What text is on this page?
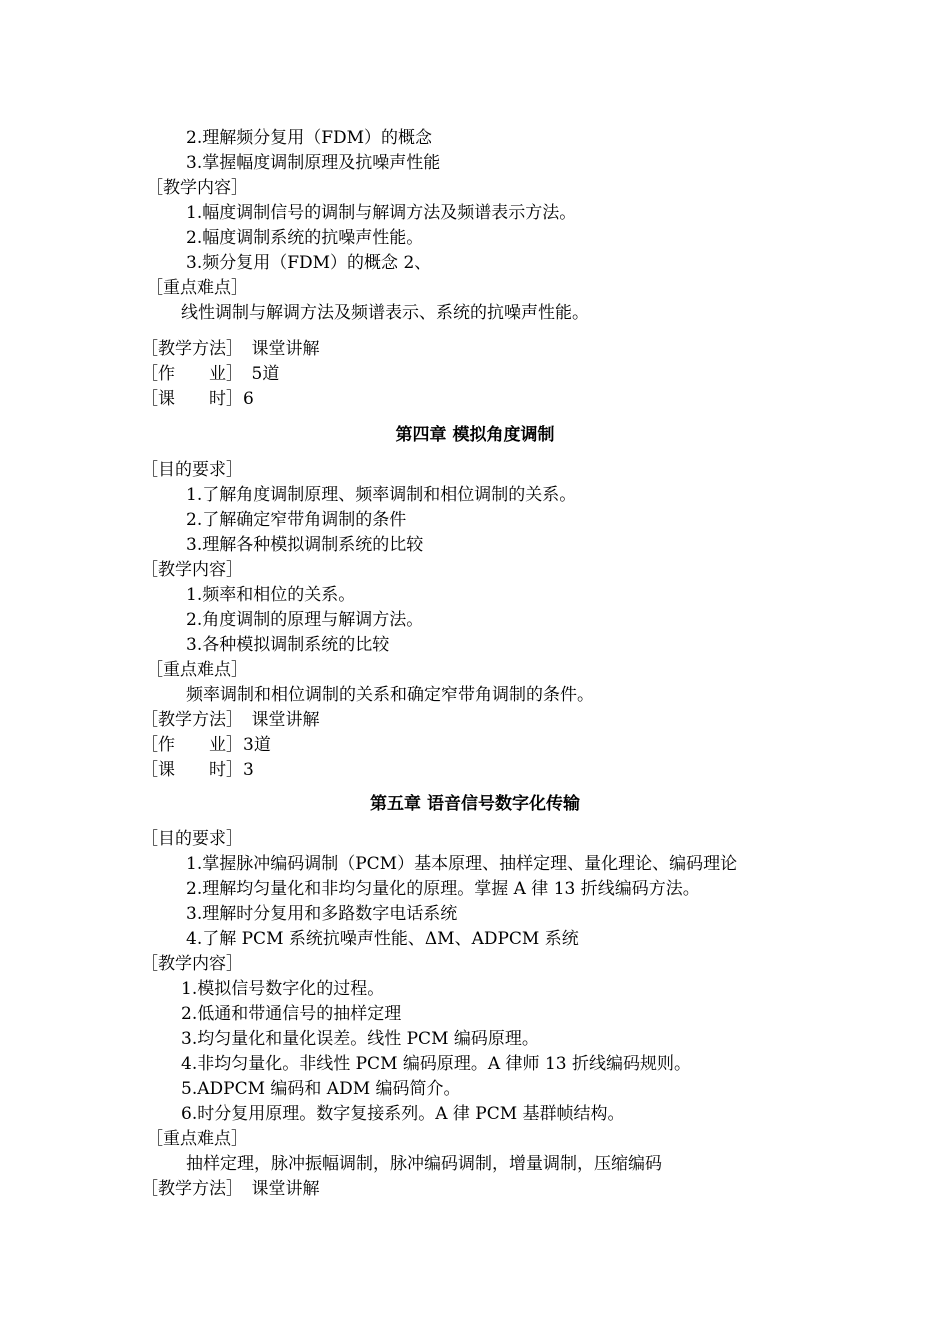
2.理解频分复用（FDM）的概念
3.掌握幅度调制原理及抗噪声性能
［教学内容］
1.幅度调制信号的调制与解调方法及频谱表示方法。
2.幅度调制系统的抗噪声性能。
3.频分复用（FDM）的概念 2、
［重点难点］
线性调制与解调方法及频谱表示、系统的抗噪声性能。
［教学方法］　课堂讲解
［作　　业］　5道
［课　　时］6
第四章 模拟角度调制
［目的要求］
1.了解角度调制原理、频率调制和相位调制的关系。
2.了解确定窄带角调制的条件
3.理解各种模拟调制系统的比较
［教学内容］
1.频率和相位的关系。
2.角度调制的原理与解调方法。
3.各种模拟调制系统的比较
［重点难点］
频率调制和相位调制的关系和确定窄带角调制的条件。
［教学方法］　课堂讲解
［作　　业］3道
［课　　时］3
第五章 语音信号数字化传输
［目的要求］
1.掌握脉冲编码调制（PCM）基本原理、抽样定理、量化理论、编码理论
2.理解均匀量化和非均匀量化的原理。掌握 A 律 13 折线编码方法。
3.理解时分复用和多路数字电话系统
4.了解 PCM 系统抗噪声性能、ΔM、ADPCM 系统
［教学内容］
1.模拟信号数字化的过程。
2.低通和带通信号的抽样定理
3.均匀量化和量化误差。线性 PCM 编码原理。
4.非均匀量化。非线性 PCM 编码原理。A 律师 13 折线编码规则。
5.ADPCM 编码和 ADM 编码简介。
6.时分复用原理。数字复接系列。A 律 PCM 基群帧结构。
［重点难点］
抽样定理，脉冲振幅调制，脉冲编码调制，增量调制，压缩编码
［教学方法］　课堂讲解
